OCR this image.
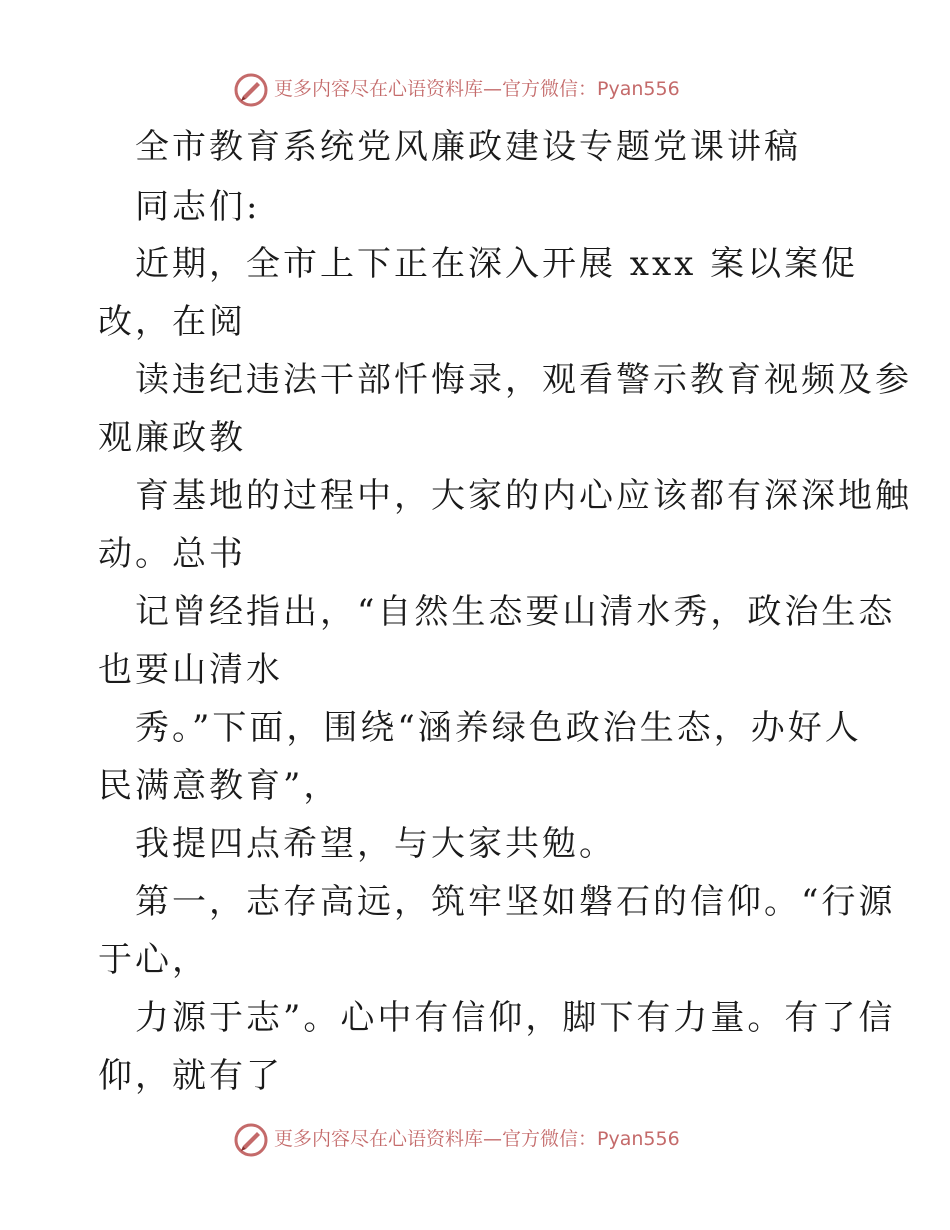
更多内容尽在心语资料库—官方微信：Pyan556
全市教育系统党风廉政建设专题党课讲稿
同志们:
近期，全市上下正在深入开展 xxx 案以案促
改，在阅
读违纪违法干部忏悔录，观看警示教育视频及参
观廉政教
育基地的过程中，大家的内心应该都有深深地触
动。总书
记曾经指出，“自然生态要山清水秀，政治生态
也要山清水
秀。”下面，围绕“涵养绿色政治生态，办好人
民满意教育”，
我提四点希望，与大家共勉。
第一，志存高远，筑牢坚如磐石的信仰。“行源
于心，
力源于志”。心中有信仰，脚下有力量。有了信
仰，就有了
更多内容尽在心语资料库—官方微信：Pyan556
